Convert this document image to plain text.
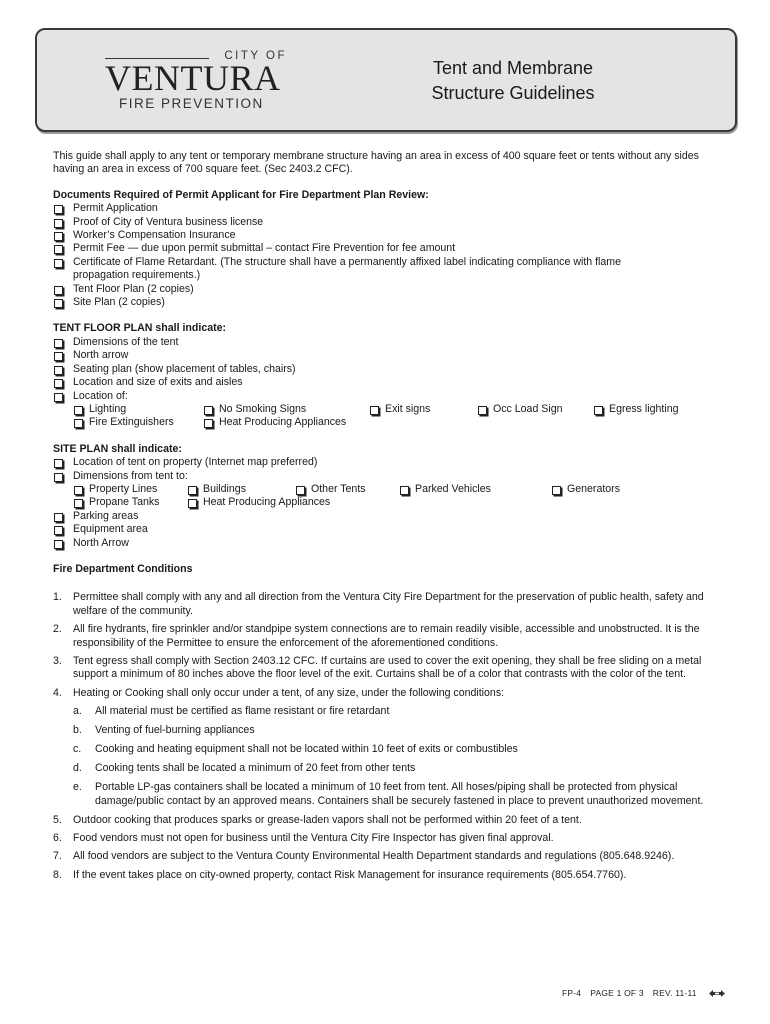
CITY OF
VENTURA
FIRE PREVENTION
Tent and Membrane
Structure Guidelines

This guide shall apply to any tent or temporary membrane structure having an area in excess of 400 square feet or tents without any sides having an area in excess of 700 square feet. (Sec 2403.2 CFC).

Documents Required of Permit Applicant for Fire Department Plan Review:

Permit Application

Proof of City of Ventura business license

Worker’s Compensation Insurance

Permit Fee — due upon permit submittal – contact Fire Prevention for fee amount

Certificate of Flame Retardant. (The structure shall have a permanently affixed label indicating compliance with flame

propagation requirements.)

Tent Floor Plan (2 copies)

Site Plan (2 copies)

TENT FLOOR PLAN shall indicate:

Dimensions of the tent

North arrow

Seating plan (show placement of tables, chairs)

Location and size of exits and aisles

Location of:

Lighting	No Smoking Signs	Exit signs	Occ Load Sign	Egress lighting
Fire Extinguishers	Heat Producing Appliances

SITE PLAN shall indicate:

Location of tent on property (Internet map preferred)

Dimensions from tent to:

Property Lines	Buildings	Other Tents	Parked Vehicles	Generators
Propane Tanks	Heat Producing Appliances

Parking areas

Equipment area

North Arrow

Fire Department Conditions

1. Permittee shall comply with any and all direction from the Ventura City Fire Department for the preservation of public health, safety and welfare of the community.

2. All fire hydrants, fire sprinkler and/or standpipe system connections are to remain readily visible, accessible and unobstructed. It is the responsibility of the Permittee to ensure the enforcement of the aforementioned conditions.

3. Tent egress shall comply with Section 2403.12 CFC. If curtains are used to cover the exit opening, they shall be free sliding on a metal support a minimum of 80 inches above the floor level of the exit. Curtains shall be of a color that contrasts with the color of the tent.

4. Heating or Cooking shall only occur under a tent, of any size, under the following conditions:

a. All material must be certified as flame resistant or fire retardant

b. Venting of fuel-burning appliances

c. Cooking and heating equipment shall not be located within 10 feet of exits or combustibles

d. Cooking tents shall be located a minimum of 20 feet from other tents

e. Portable LP-gas containers shall be located a minimum of 10 feet from tent. All hoses/piping shall be protected from physical damage/public contact by an approved means. Containers shall be securely fastened in place to prevent unauthorized movement.

5. Outdoor cooking that produces sparks or grease-laden vapors shall not be performed within 20 feet of a tent.

6. Food vendors must not open for business until the Ventura City Fire Inspector has given final approval.

7. All food vendors are subject to the Ventura County Environmental Health Department standards and regulations (805.648.9246).

8. If the event takes place on city-owned property, contact Risk Management for insurance requirements (805.654.7760).

FP-4 PAGE 1 OF 3 REV. 11-11
